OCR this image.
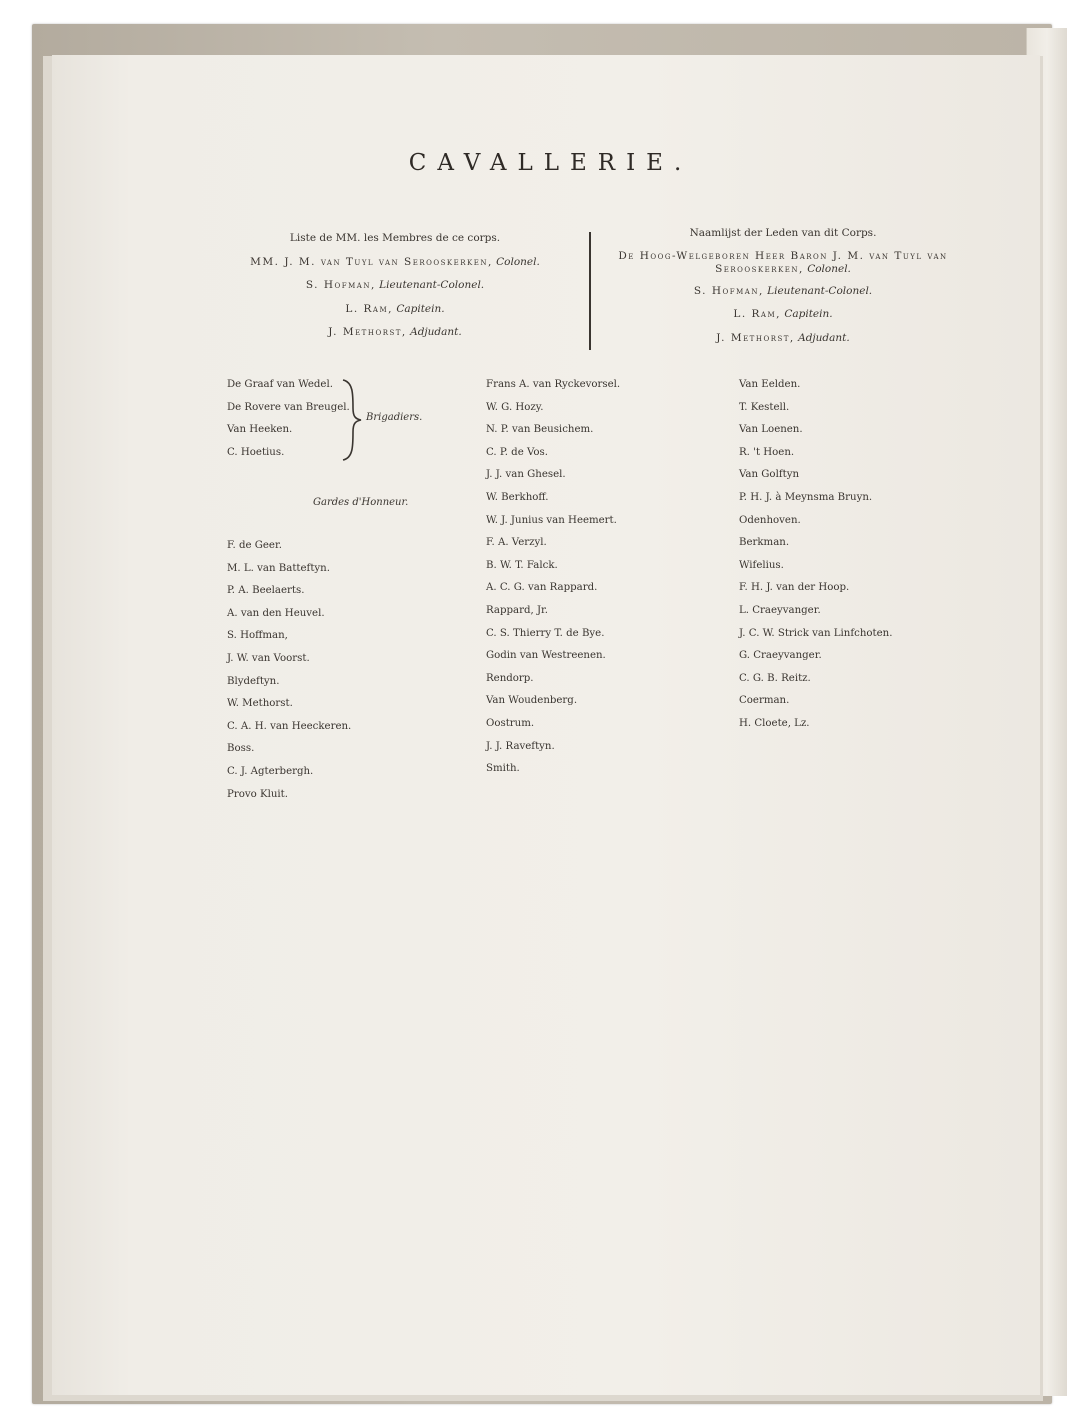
CAVALLERIE.
Liste de MM. les Membres de ce corps.
MM. J. M. van Tuyl van Serooskerken, Colonel.
S. Hofman, Lieutenant-Colonel.
L. Ram, Capitein.
J. Methorst, Adjudant.
Naamlijst der Leden van dit Corps.
De Hoog-Welgeboren Heer Baron J. M. van Tuyl van
Serooskerken, Colonel.
S. Hofman, Lieutenant-Colonel.
L. Ram, Capitein.
J. Methorst, Adjudant.
De Graaf van Wedel.
De Rovere van Breugel.
Van Heeken.
C. Hoetius.
Brigadiers.
Gardes d'Honneur.
F. de Geer.
M. L. van Batteftyn.
P. A. Beelaerts.
A. van den Heuvel.
S. Hoffman,
J. W. van Voorst.
Blydeftyn.
W. Methorst.
C. A. H. van Heeckeren.
Boss.
C. J. Agterbergh.
Provo Kluit.
Frans A. van Ryckevorsel.
W. G. Hozy.
N. P. van Beusichem.
C. P. de Vos.
J. J. van Ghesel.
W. Berkhoff.
W. J. Junius van Heemert.
F. A. Verzyl.
B. W. T. Falck.
A. C. G. van Rappard.
Rappard, Jr.
C. S. Thierry T. de Bye.
Godin van Westreenen.
Rendorp.
Van Woudenberg.
Oostrum.
J. J. Raveftyn.
Smith.
Van Eelden.
T. Kestell.
Van Loenen.
R. 't Hoen.
Van Golftyn
P. H. J. à Meynsma Bruyn.
Odenhoven.
Berkman.
Wifelius.
F. H. J. van der Hoop.
L. Craeyvanger.
J. C. W. Strick van Linfchoten.
G. Craeyvanger.
C. G. B. Reitz.
Coerman.
H. Cloete, Lz.
